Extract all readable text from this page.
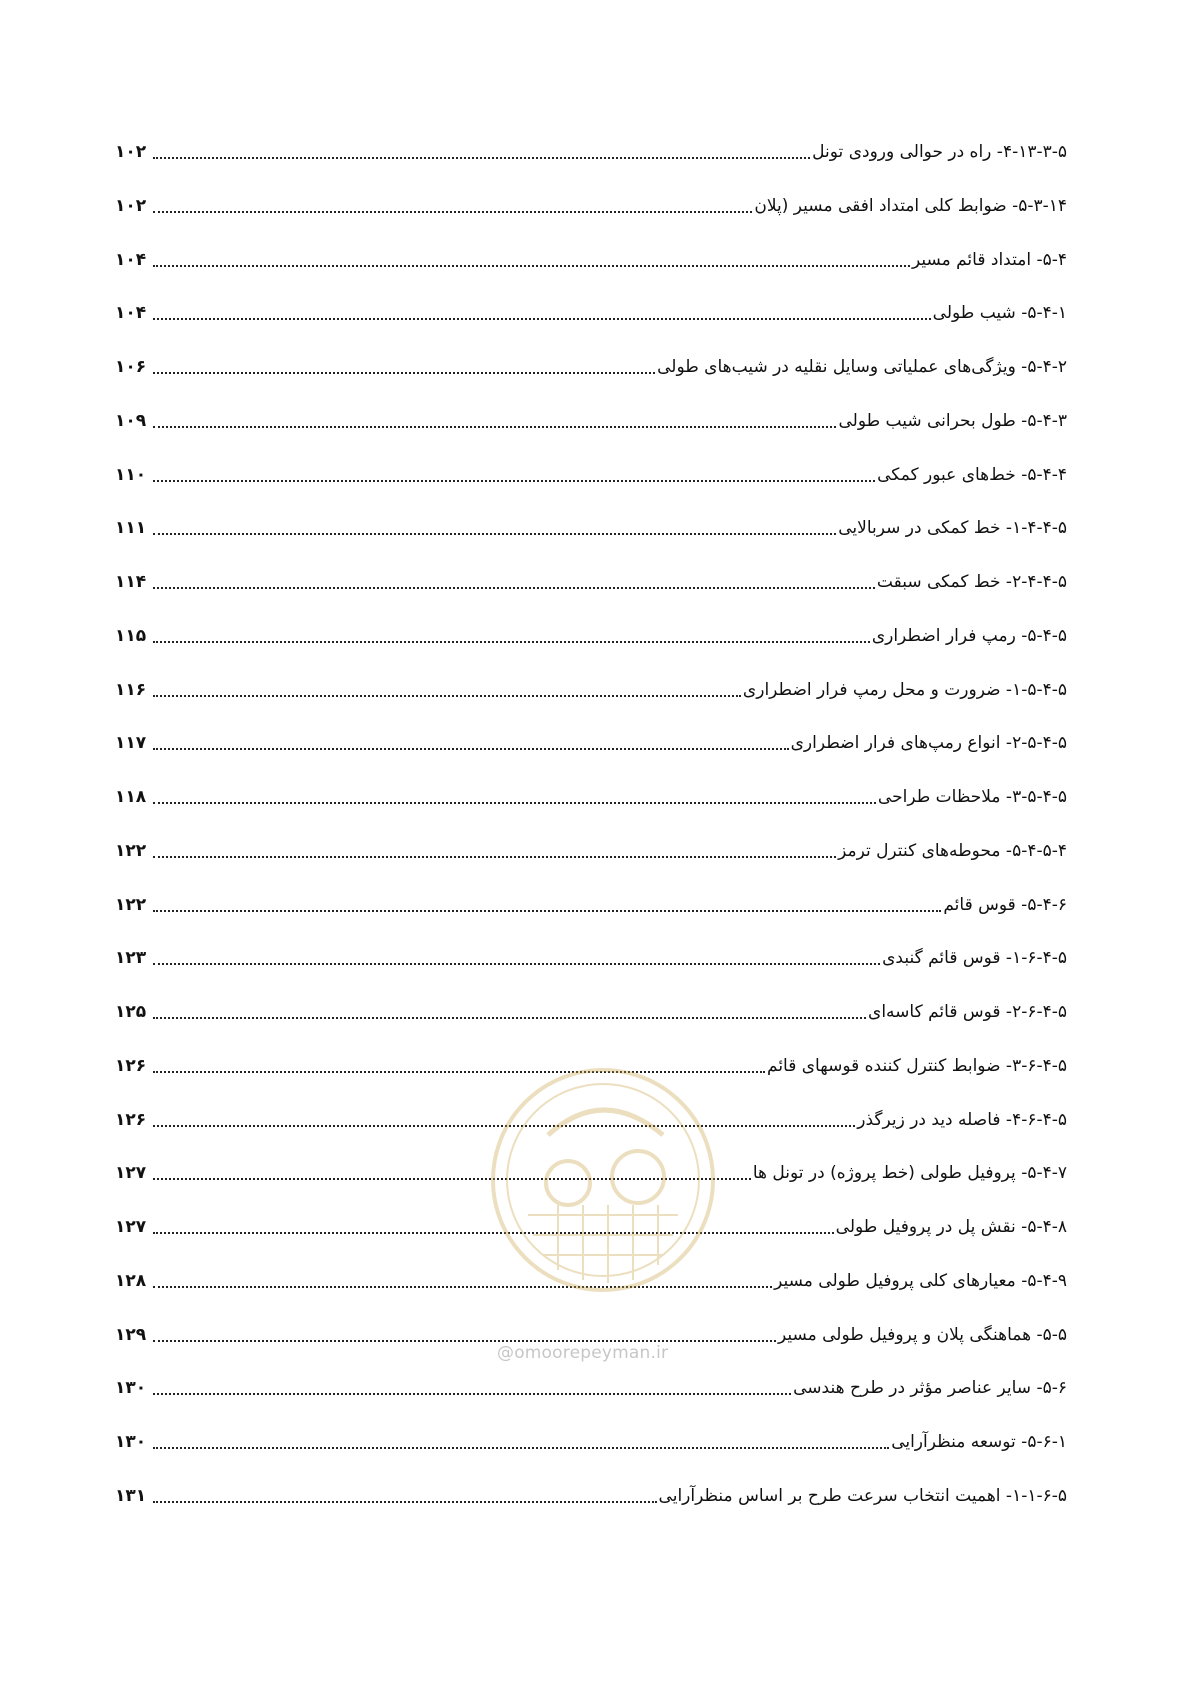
۴-۱۳-۳-۵- راه در حوالی ورودی تونل
۱۰۲
۵-۳-۱۴- ضوابط کلی امتداد افقی مسیر (پلان
۱۰۲
۵-۴- امتداد قائم مسیر
۱۰۴
۵-۴-۱- شیب طولی
۱۰۴
۵-۴-۲- ویژگی‌های عملیاتی وسایل نقلیه در شیب‌های طولی
۱۰۶
۵-۴-۳- طول بحرانی شیب طولی
۱۰۹
۵-۴-۴- خط‌های عبور کمکی
۱۱۰
۱-۴-۴-۵- خط کمکی در سربالایی
۱۱۱
۲-۴-۴-۵- خط کمکی سبقت
۱۱۴
۵-۴-۵- رمپ فرار اضطراری
۱۱۵
۱-۵-۴-۵- ضرورت و محل رمپ فرار اضطراری
۱۱۶
۲-۵-۴-۵- انواع رمپ‌های فرار اضطراری
۱۱۷
۳-۵-۴-۵- ملاحظات طراحی
۱۱۸
۵-۴-۵-۴- محوطه‌های کنترل ترمز
۱۲۲
۵-۴-۶- قوس قائم
۱۲۲
۱-۶-۴-۵- قوس قائم گنبدی
۱۲۳
۲-۶-۴-۵- قوس قائم کاسه‌ای
۱۲۵
۳-۶-۴-۵- ضوابط کنترل کننده قوسهای قائم
۱۲۶
۴-۶-۴-۵- فاصله دید در زیرگذر
۱۲۶
۵-۴-۷- پروفیل طولی (خط پروژه) در تونل ها
۱۲۷
۵-۴-۸- نقش پل در پروفیل طولی
۱۲۷
۵-۴-۹- معیارهای کلی پروفیل طولی مسیر
۱۲۸
۵-۵- هماهنگی پلان و پروفیل طولی مسیر
۱۲۹
۵-۶- سایر عناصر مؤثر در طرح هندسی
۱۳۰
۵-۶-۱- توسعه منظرآرایی
۱۳۰
۱-۱-۶-۵- اهمیت انتخاب سرعت طرح بر اساس منظرآرایی
۱۳۱
@omoorepeyman.ir
